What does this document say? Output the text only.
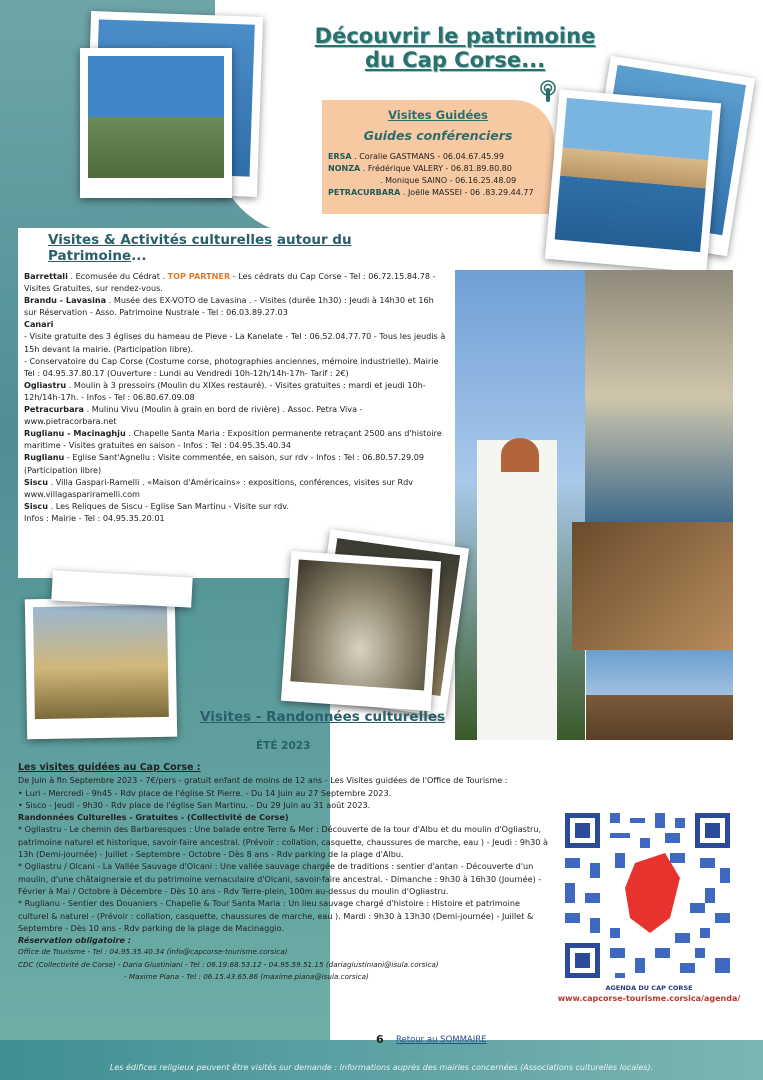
Découvrir le patrimoine
du Cap Corse...
Visites Guidées
Guides conférenciers
ERSA . Coralie GASTMANS - 06.04.67.45.99
NONZA . Frédérique VALERY - 06.81.89.80.80
. Monique SAINO - 06.16.25.48.09
PETRACURBARA . Joëlle MASSEI - 06 .83.29.44.77
Visites & Activités culturelles autour du Patrimoine...

Barrettali . Ecomusée du Cédrat . TOP PARTNER - Les cédrats du Cap Corse - Tel : 06.72.15.84.78 - Visites Gratuites, sur rendez-vous.

Brandu - Lavasina . Musée des EX-VOTO de Lavasina . - Visites (durée 1h30) : Jeudi à 14h30 et 16h sur Réservation - Asso. Patrimoine Nustrale - Tel : 06.03.89.27.03

Canari

- Visite gratuite des 3 églises du hameau de Pieve - La Kanelate - Tel : 06.52.04.77.70 - Tous les jeudis à 15h devant la mairie. (Participation libre).

- Conservatoire du Cap Corse (Costume corse, photographies anciennes, mémoire industrielle). Mairie Tel : 04.95.37.80.17 (Ouverture : Lundi au Vendredi 10h-12h/14h-17h- Tarif : 2€)

Ogliastru . Moulin à 3 pressoirs (Moulin du XIXes restauré). - Visites gratuites : mardi et jeudi 10h-12h/14h-17h. - Infos - Tel : 06.80.67.09.08

Petracurbara . Mulinu Vivu (Moulin à grain en bord de rivière) . Assoc. Petra Viva - www.pietracorbara.net

Ruglianu - Macinaghju . Chapelle Santa Maria : Exposition permanente retraçant 2500 ans d'histoire maritime - Visites gratuites en saison - Infos : Tel : 04.95.35.40.34

Ruglianu - Eglise Sant'Agnellu : Visite commentée, en saison, sur rdv - Infos : Tel : 06.80.57.29.09 (Participation libre)

Siscu . Villa Gaspari-Ramelli . «Maison d'Américains» : expositions, conférences, visites sur Rdv www.villagaspariramelli.com

Siscu . Les Reliques de Siscu - Eglise San Martinu - Visite sur rdv.

Infos : Mairie - Tel : 04.95.35.20.01

Visites - Randonnées culturelles
ÉTÉ 2023

Les visites guidées au Cap Corse :

De Juin à fin Septembre 2023 - 7€/pers - gratuit enfant de moins de 12 ans - Les Visites guidées de l'Office de Tourisme :

• Luri - Mercredi - 9h45 - Rdv place de l'église St Pierre. - Du 14 Juin au 27 Septembre 2023.

• Sisco - Jeudi - 9h30 - Rdv place de l'église San Martinu. - Du 29 Juin au 31 août 2023.

Randonnées Culturelles - Gratuites - (Collectivité de Corse)

* Ogliastru - Le chemin des Barbaresques : Une balade entre Terre & Mer : Découverte de la tour d'Albu et du moulin d'Ogliastru, patrimoine naturel et historique, savoir-faire ancestral. (Prévoir : collation, casquette, chaussures de marche, eau ) - Jeudi : 9h30 à 13h (Demi-journée) - Juillet - Septembre - Octobre - Dès 8 ans - Rdv parking de la plage d'Albu.

* Ogliastru / Olcani - La Vallée Sauvage d'Olcani : Une vallée sauvage chargée de traditions : sentier d'antan - Découverte d'un moulin, d'une châtaigneraie et du patrimoine vernaculaire d'Olcani, savoir-faire ancestral. - Dimanche : 9h30 à 16h30 (Journée) - Février à Mai / Octobre à Décembre - Dès 10 ans - Rdv Terre-plein, 100m au-dessus du moulin d'Ogliastru.

* Ruglianu - Sentier des Douaniers - Chapelle & Tour Santa Maria : Un lieu sauvage chargé d'histoire : Histoire et patrimoine culturel & naturel - (Prévoir : collation, casquette, chaussures de marche, eau ). Mardi : 9h30 à 13h30 (Demi-journée) - Juillet & Septembre - Dès 10 ans - Rdv parking de la plage de Macinaggio.

Réservation obligatoire :

Office de Tourisme - Tel : 04.95.35.40.34 (info@capcorse-tourisme.corsica)

CDC (Collectivité de Corse) - Daria Giustiniani - Tel : 06.19.68.53.12 - 04.95.59.51.15 (dariagiustiniani@isula.corsica)

- Maxime Piana - Tel : 06.15.43.65.86 (maxime.piana@isula.corsica)

AGENDA DU CAP CORSE
www.capcorse-tourisme.corsica/agenda/
6 Retour au SOMMAIRE
Les édifices religieux peuvent être visités sur demande : Informations auprès des mairies concernées (Associations culturelles locales).
